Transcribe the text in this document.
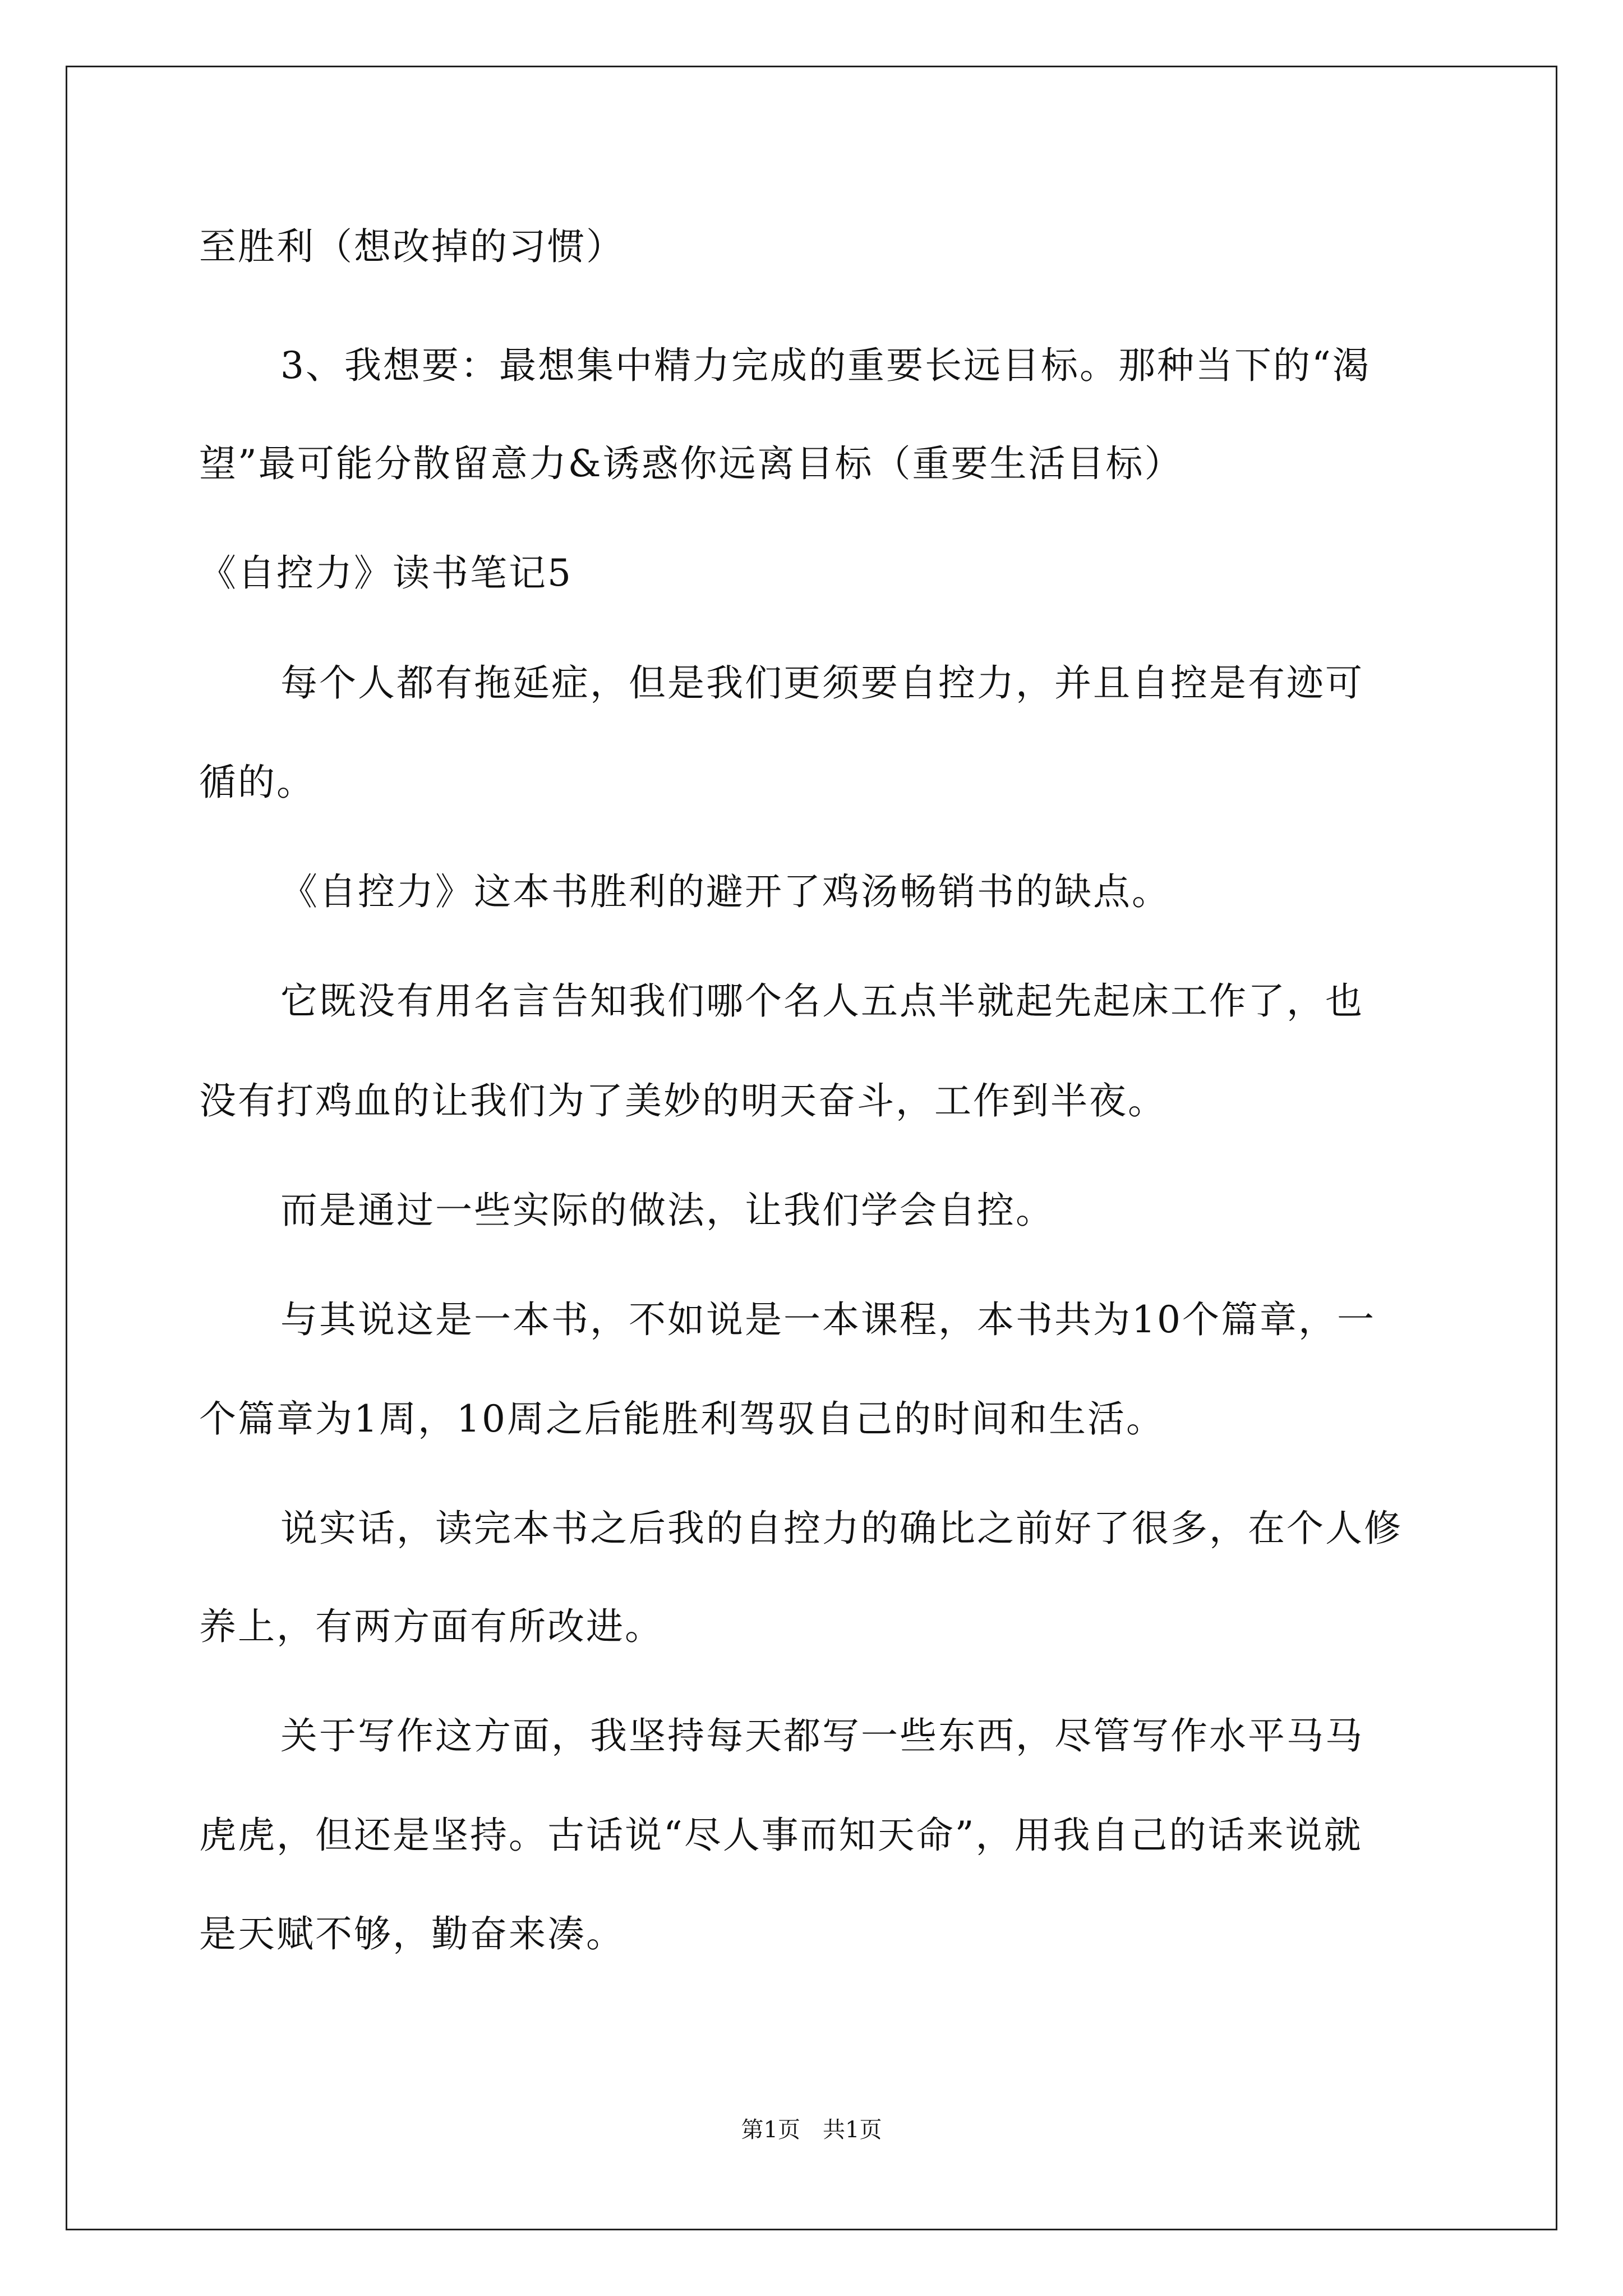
至胜利（想改掉的习惯）
3、我想要：最想集中精力完成的重要长远目标。那种当下的“渴
望”最可能分散留意力&诱惑你远离目标（重要生活目标）
《自控力》读书笔记5
每个人都有拖延症，但是我们更须要自控力，并且自控是有迹可
循的。
《自控力》这本书胜利的避开了鸡汤畅销书的缺点。
它既没有用名言告知我们哪个名人五点半就起先起床工作了，也
没有打鸡血的让我们为了美妙的明天奋斗，工作到半夜。
而是通过一些实际的做法，让我们学会自控。
与其说这是一本书，不如说是一本课程，本书共为10个篇章，一
个篇章为1周，10周之后能胜利驾驭自己的时间和生活。
说实话，读完本书之后我的自控力的确比之前好了很多，在个人修
养上，有两方面有所改进。
关于写作这方面，我坚持每天都写一些东西，尽管写作水平马马
虎虎，但还是坚持。古话说“尽人事而知天命”，用我自己的话来说就
是天赋不够，勤奋来凑。
第1页 共1页
